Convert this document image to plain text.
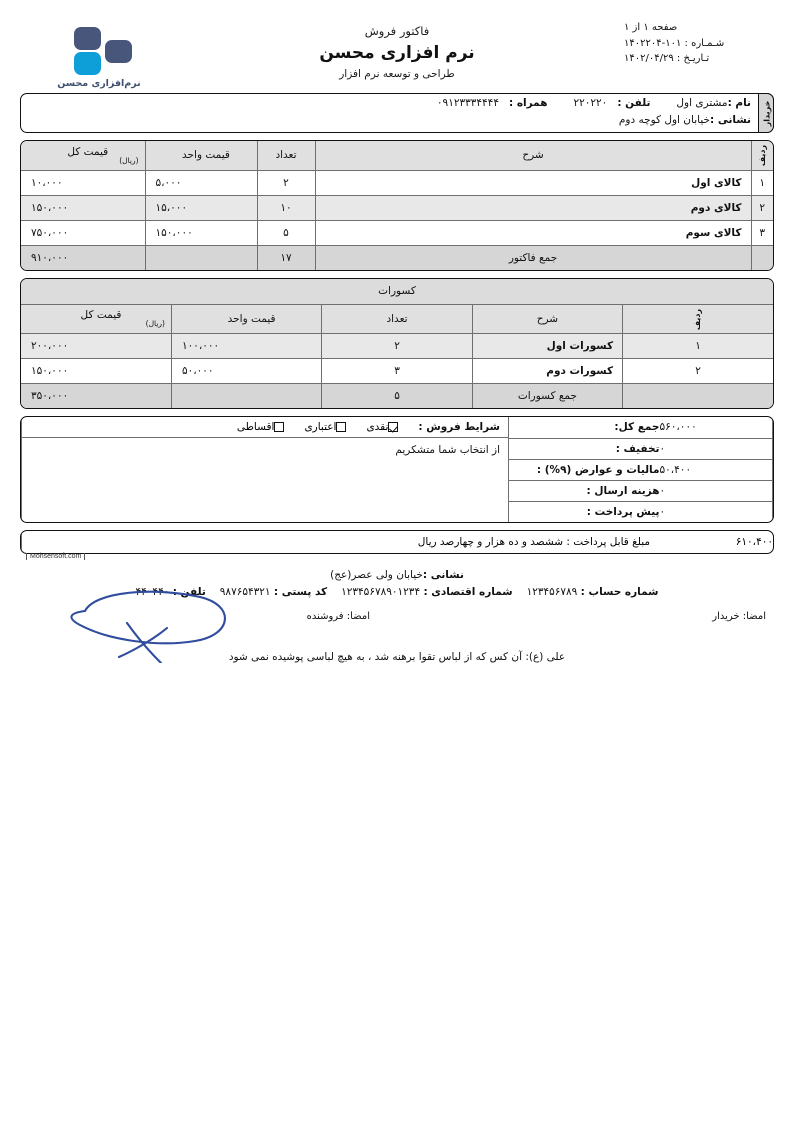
نرم‌افزاری محسن
فاکتور فروش
نرم افزاری محسن
طراحی و توسعه نرم افزار
صفحه ۱ از ۱
شـمـاره : ۱۰۱-۱۴۰۲۲۰۴
تـاریـخ : ۱۴۰۲/۰۴/۲۹
خریدار
نام :مشتری اولتلفن :۲۲۰۲۲۰همراه :۰۹۱۲۳۳۳۴۴۴۴
نشانی :خیابان اول کوچه دوم
ردیف	شرح	تعداد	قیمت واحد	قیمت کل
(ریال)

۱	کالای اول	۲	۵،۰۰۰	۱۰،۰۰۰
۲	کالای دوم	۱۰	۱۵،۰۰۰	۱۵۰،۰۰۰
۳	کالای سوم	۵	۱۵۰،۰۰۰	۷۵۰،۰۰۰
	جمع فاکتور	۱۷		۹۱۰،۰۰۰
کسورات				
ردیف	شرح	تعداد	قیمت واحد	قیمت کل
(ریال)

۱	کسورات اول	۲	۱۰۰،۰۰۰	۲۰۰،۰۰۰
۲	کسورات دوم	۳	۵۰،۰۰۰	۱۵۰،۰۰۰
	جمع کسورات	۵		۳۵۰،۰۰۰
شرایط فروش :
نقدی
اعتباری
اقساطی
از انتخاب شما متشکریم
۵۶۰،۰۰۰	جمع کل:
۰	تخفیف :
۵۰،۴۰۰	مالیات و عوارض (۹%) :
۰	هزینه ارسال :
۰	پیش پرداخت :
مبلغ قابل پرداخت : ششصد و ده هزار و چهارصد ریال	۶۱۰،۴۰۰
Mohsensoft.com
نشانی :خیابان ولی عصر(عج)
شماره حساب : ۱۲۳۴۵۶۷۸۹شماره اقتصادی : ۱۲۳۴۵۶۷۸۹۰۱۲۳۴کد پستی : ۹۸۷۶۵۴۳۲۱تلفن : ۴۴۰۴۴۰
امضا: خریدار
امضا: فروشنده
علی (ع): آن کس که از لباس تقوا برهنه شد ، به هیچ لباسی پوشیده نمی شود
